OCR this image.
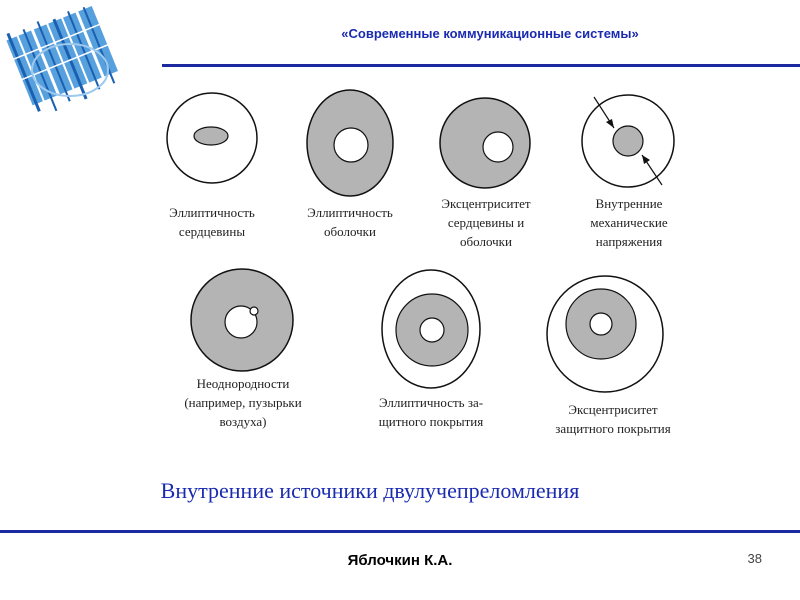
«Современные коммуникационные системы»
Эллиптичность
сердцевины
Эллиптичность
оболочки
Эксцентриситет
сердцевины и
оболочки
Внутренние
механические
напряжения
Неоднородности
(например, пузырьки
воздуха)
Эллиптичность за-
щитного покрытия
Эксцентриситет
защитного покрытия
Внутренние источники двулучепреломления
Яблочкин К.А.	38
